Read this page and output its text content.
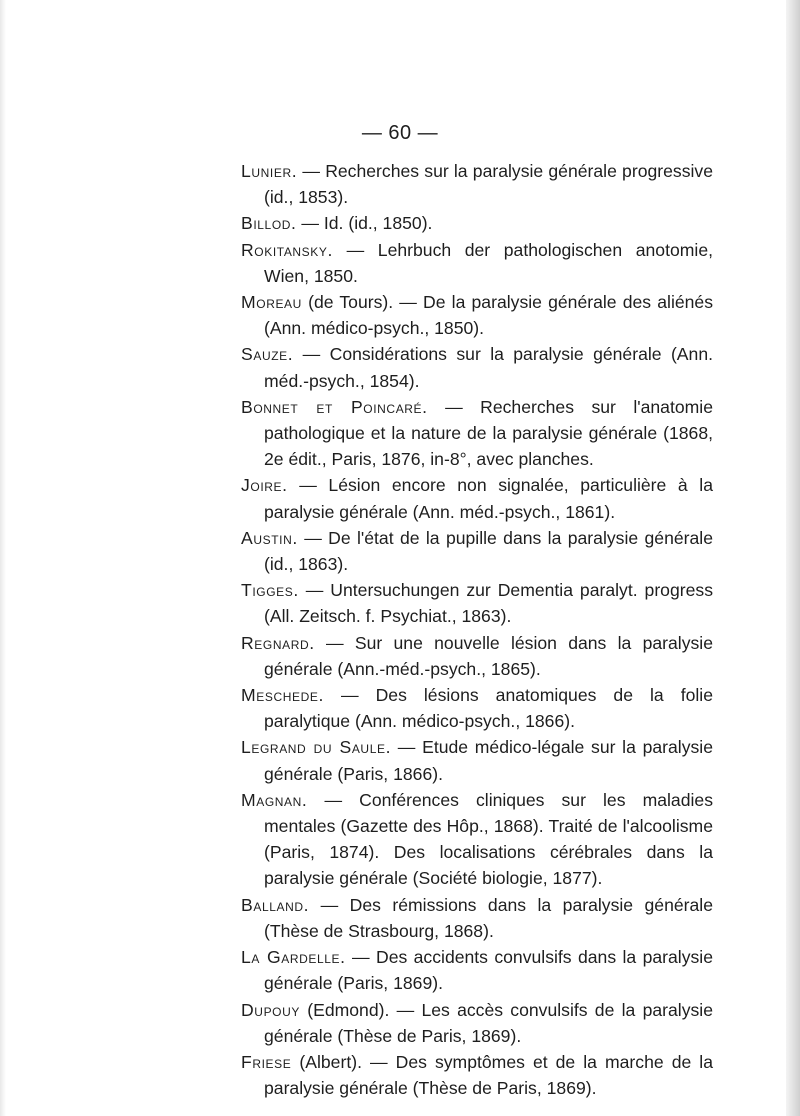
— 60 —

Lunier. — Recherches sur la paralysie générale progressive (id., 1853).

Billod. — Id. (id., 1850).

Rokitansky. — Lehrbuch der pathologischen anotomie, Wien, 1850.

Moreau (de Tours). — De la paralysie générale des aliénés (Ann. médico-psych., 1850).

Sauze. — Considérations sur la paralysie générale (Ann. méd.-psych., 1854).

Bonnet et Poincaré. — Recherches sur l'anatomie pathologique et la nature de la paralysie générale (1868, 2e édit., Paris, 1876, in-8°, avec planches.

Joire. — Lésion encore non signalée, particulière à la paralysie générale (Ann. méd.-psych., 1861).

Austin. — De l'état de la pupille dans la paralysie générale (id., 1863).

Tigges. — Untersuchungen zur Dementia paralyt. progress (All. Zeitsch. f. Psychiat., 1863).

Regnard. — Sur une nouvelle lésion dans la paralysie générale (Ann.-méd.-psych., 1865).

Meschede. — Des lésions anatomiques de la folie paralytique (Ann. médico-psych., 1866).

Legrand du Saule. — Etude médico-légale sur la paralysie générale (Paris, 1866).

Magnan. — Conférences cliniques sur les maladies mentales (Gazette des Hôp., 1868). Traité de l'alcoolisme (Paris, 1874). Des localisations cérébrales dans la paralysie générale (Société biologie, 1877).

Balland. — Des rémissions dans la paralysie générale (Thèse de Strasbourg, 1868).

La Gardelle. — Des accidents convulsifs dans la paralysie générale (Paris, 1869).

Dupouy (Edmond). — Les accès convulsifs de la paralysie générale (Thèse de Paris, 1869).

Friese (Albert). — Des symptômes et de la marche de la paralysie générale (Thèse de Paris, 1869).
